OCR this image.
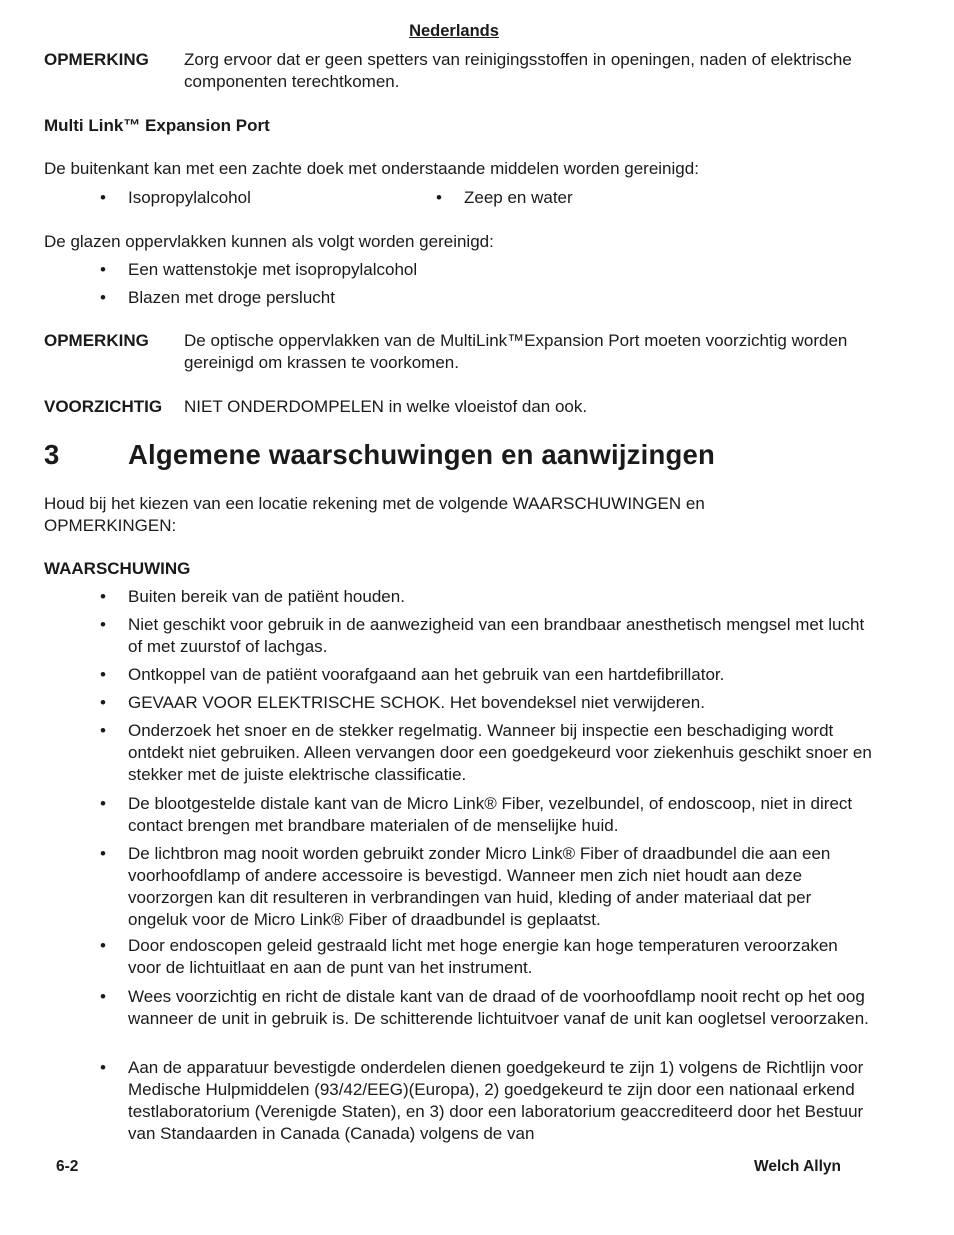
Nederlands
OPMERKING Zorg ervoor dat er geen spetters van reinigingsstoffen in openingen, naden of elektrische componenten terechtkomen.
Multi Link™ Expansion Port
De buitenkant kan met een zachte doek met onderstaande middelen worden gereinigd:
• Isopropylalcohol	• Zeep en water
De glazen oppervlakken kunnen als volgt worden gereinigd:
• Een wattenstokje met isopropylalcohol
• Blazen met droge perslucht
OPMERKING De optische oppervlakken van de MultiLink™Expansion Port moeten voorzichtig worden gereinigd om krassen te voorkomen.
VOORZICHTIG NIET ONDERDOMPELEN in welke vloeistof dan ook.
3 Algemene waarschuwingen en aanwijzingen
Houd bij het kiezen van een locatie rekening met de volgende WAARSCHUWINGEN en OPMERKINGEN:
WAARSCHUWING
• Buiten bereik van de patiënt houden.
• Niet geschikt voor gebruik in de aanwezigheid van een brandbaar anesthetisch mengsel met lucht of met zuurstof of lachgas.
• Ontkoppel van de patiënt voorafgaand aan het gebruik van een hartdefibrillator.
• GEVAAR VOOR ELEKTRISCHE SCHOK. Het bovendeksel niet verwijderen.
• Onderzoek het snoer en de stekker regelmatig. Wanneer bij inspectie een beschadiging wordt ontdekt niet gebruiken. Alleen vervangen door een goedgekeurd voor ziekenhuis geschikt snoer en stekker met de juiste elektrische classificatie.
• De blootgestelde distale kant van de Micro Link® Fiber, vezelbundel, of endoscoop, niet in direct contact brengen met brandbare materialen of de menselijke huid.
• De lichtbron mag nooit worden gebruikt zonder Micro Link® Fiber of draadbundel die aan een voorhoofdlamp of andere accessoire is bevestigd. Wanneer men zich niet houdt aan deze voorzorgen kan dit resulteren in verbrandingen van huid, kleding of ander materiaal dat per ongeluk voor de Micro Link® Fiber of draadbundel is geplaatst.
• Door endoscopen geleid gestraald licht met hoge energie kan hoge temperaturen veroorzaken voor de lichtuitlaat en aan de punt van het instrument.
• Wees voorzichtig en richt de distale kant van de draad of de voorhoofdlamp nooit recht op het oog wanneer de unit in gebruik is. De schitterende lichtuitvoer vanaf de unit kan oogletsel veroorzaken.
• Aan de apparatuur bevestigde onderdelen dienen goedgekeurd te zijn 1) volgens de Richtlijn voor Medische Hulpmiddelen (93/42/EEG)(Europa), 2) goedgekeurd te zijn door een nationaal erkend testlaboratorium (Verenigde Staten), en 3) door een laboratorium geaccrediteerd door het Bestuur van Standaarden in Canada (Canada) volgens de van
6-2	Welch Allyn
